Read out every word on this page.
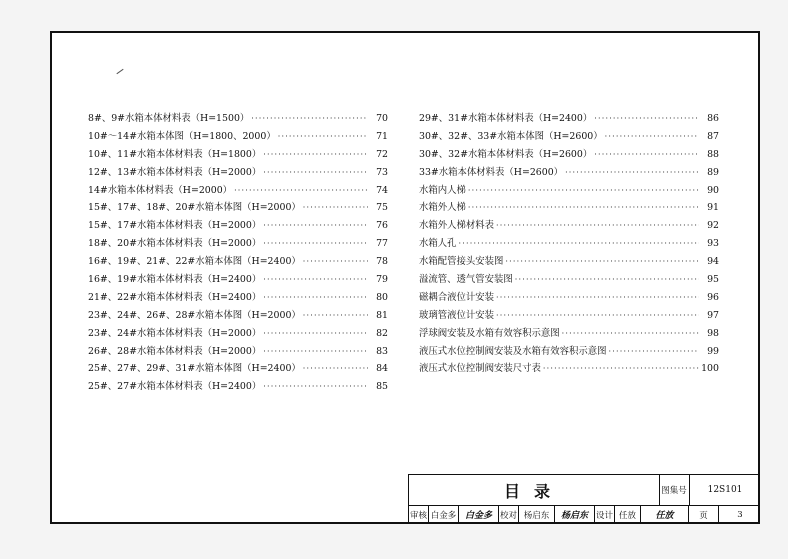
8#、9#水箱本体材料表（H=1500） ·····	70
10#～14#水箱本体图（H=1800、2000） ·····	71
10#、11#水箱本体材料表（H=1800） ·····	72
12#、13#水箱本体材料表（H=2000） ·····	73
14#水箱本体材料表（H=2000） ·····	74
15#、17#、18#、20#水箱本体图（H=2000） ·····	75
15#、17#水箱本体材料表（H=2000） ·····	76
18#、20#水箱本体材料表（H=2000） ·····	77
16#、19#、21#、22#水箱本体图（H=2400） ·····	78
16#、19#水箱本体材料表（H=2400） ·····	79
21#、22#水箱本体材料表（H=2400） ·····	80
23#、24#、26#、28#水箱本体图（H=2000） ·····	81
23#、24#水箱本体材料表（H=2000） ·····	82
26#、28#水箱本体材料表（H=2000） ·····	83
25#、27#、29#、31#水箱本体图（H=2400） ·····	84
25#、27#水箱本体材料表（H=2400） ·····	85
29#、31#水箱本体材料表（H=2400） ·····	86
30#、32#、33#水箱本体图（H=2600） ·····	87
30#、32#水箱本体材料表（H=2600） ·····	88
33#水箱本体材料表（H=2600） ·····	89
水箱内人梯 ·····	90
水箱外人梯 ·····	91
水箱外人梯材料表 ·····	92
水箱人孔 ·····	93
水箱配管接头安装图 ·····	94
溢流管、透气管安装图 ·····	95
磁耦合液位计安装 ·····	96
玻璃管液位计安装 ·····	97
浮球阀安装及水箱有效容积示意图 ·····	98
液压式水位控制阀安装及水箱有效容积示意图 ·····	99
液压式水位控制阀安装尺寸表 ·····	100
目录	图集号	12S101
审核 白金多 白金多 校对 杨启东	杨启东 设计 任放	任放	页	3
